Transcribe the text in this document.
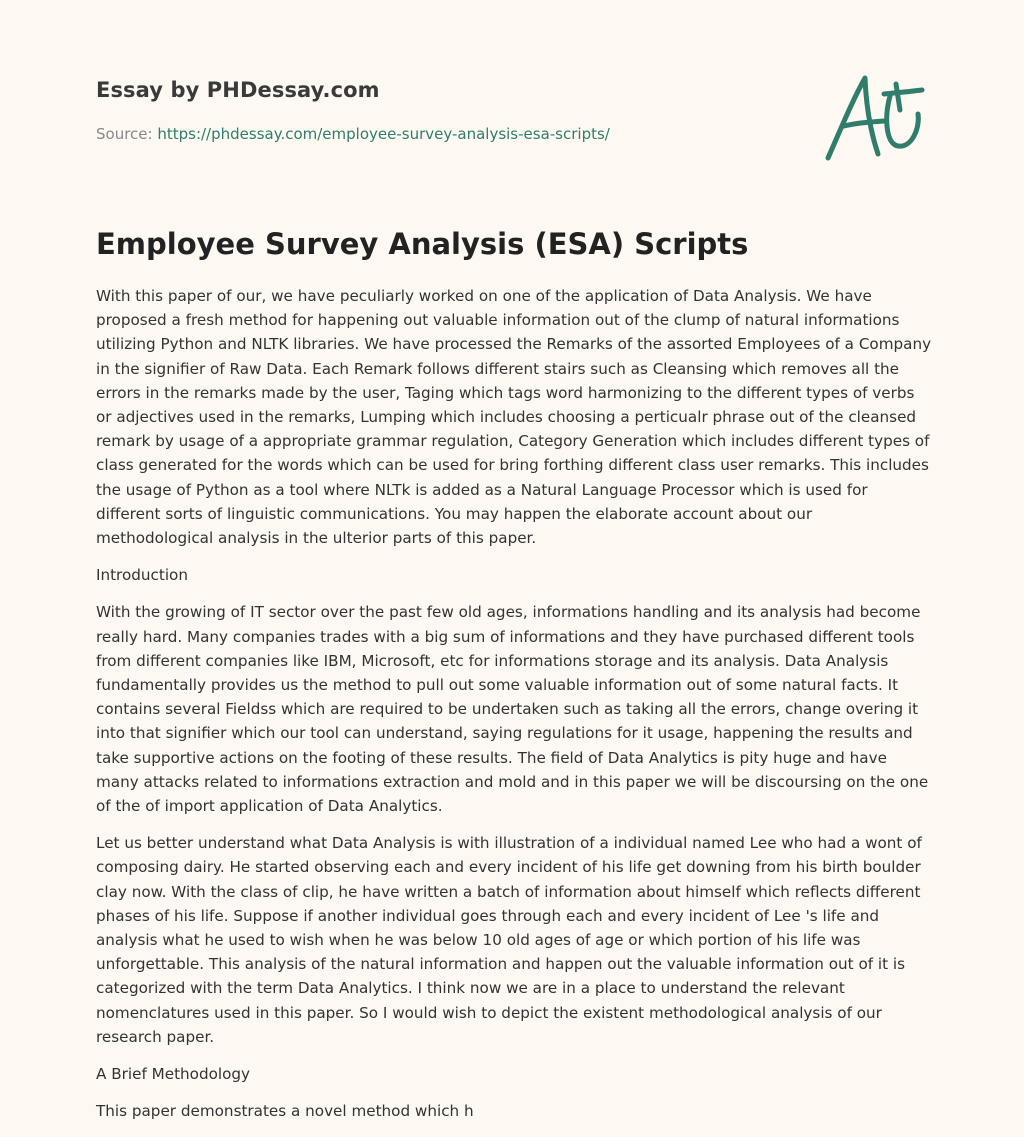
Essay by PHDessay.com
Source: https://phdessay.com/employee-survey-analysis-esa-scripts/
Employee Survey Analysis (ESA) Scripts

With this paper of our, we have peculiarly worked on one of the application of Data Analysis. We have proposed a fresh method for happening out valuable information out of the clump of natural informations utilizing Python and NLTK libraries. We have processed the Remarks of the assorted Employees of a Company in the signifier of Raw Data. Each Remark follows different stairs such as Cleansing which removes all the errors in the remarks made by the user, Taging which tags word harmonizing to the different types of verbs or adjectives used in the remarks, Lumping which includes choosing a perticualr phrase out of the cleansed remark by usage of a appropriate grammar regulation, Category Generation which includes different types of class generated for the words which can be used for bring forthing different class user remarks. This includes the usage of Python as a tool where NLTk is added as a Natural Language Processor which is used for different sorts of linguistic communications. You may happen the elaborate account about our methodological analysis in the ulterior parts of this paper.

Introduction

With the growing of IT sector over the past few old ages, informations handling and its analysis had become really hard. Many companies trades with a big sum of informations and they have purchased different tools from different companies like IBM, Microsoft, etc for informations storage and its analysis. Data Analysis fundamentally provides us the method to pull out some valuable information out of some natural facts. It contains several Fieldss which are required to be undertaken such as taking all the errors, change overing it into that signifier which our tool can understand, saying regulations for it usage, happening the results and take supportive actions on the footing of these results. The field of Data Analytics is pity huge and have many attacks related to informations extraction and mold and in this paper we will be discoursing on the one of the of import application of Data Analytics.

Let us better understand what Data Analysis is with illustration of a individual named Lee who had a wont of composing dairy. He started observing each and every incident of his life get downing from his birth boulder clay now. With the class of clip, he have written a batch of information about himself which reflects different phases of his life. Suppose if another individual goes through each and every incident of Lee 's life and analysis what he used to wish when he was below 10 old ages of age or which portion of his life was unforgettable. This analysis of the natural information and happen out the valuable information out of it is categorized with the term Data Analytics. I think now we are in a place to understand the relevant nomenclatures used in this paper. So I would wish to depict the existent methodological analysis of our research paper.

A Brief Methodology

This paper demonstrates a novel method which h
